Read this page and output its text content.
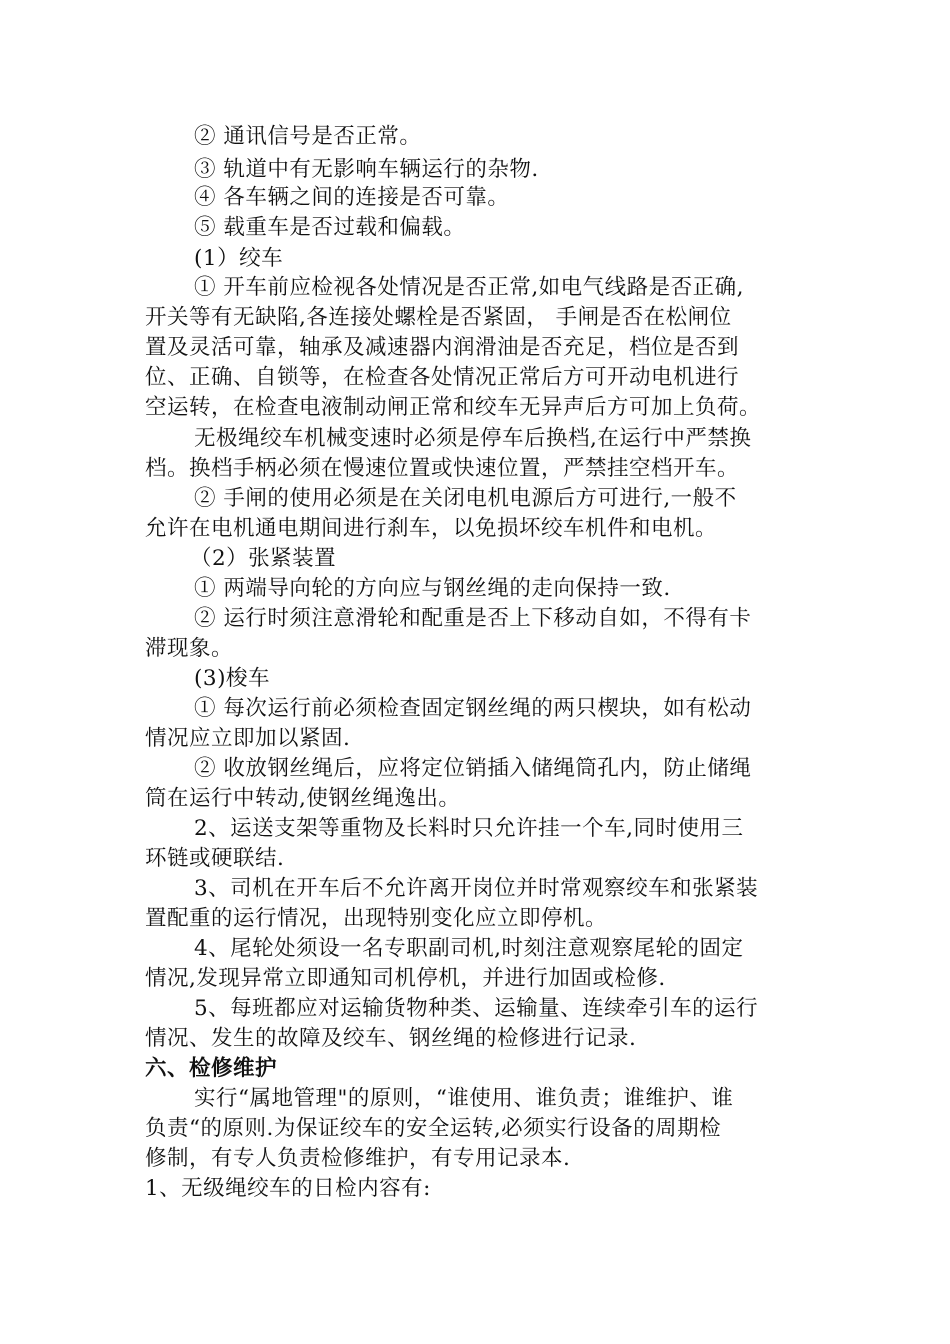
② 通讯信号是否正常。
③ 轨道中有无影响车辆运行的杂物.
④ 各车辆之间的连接是否可靠。
⑤ 载重车是否过载和偏载。
(1）绞车
① 开车前应检视各处情况是否正常,如电气线路是否正确,
开关等有无缺陷,各连接处螺栓是否紧固， 手闸是否在松闸位
置及灵活可靠，轴承及减速器内润滑油是否充足，档位是否到
位、正确、自锁等，在检查各处情况正常后方可开动电机进行
空运转，在检查电液制动闸正常和绞车无异声后方可加上负荷。
无极绳绞车机械变速时必须是停车后换档,在运行中严禁换
档。换档手柄必须在慢速位置或快速位置，严禁挂空档开车。
② 手闸的使用必须是在关闭电机电源后方可进行,一般不
允许在电机通电期间进行刹车，以免损坏绞车机件和电机。
（2）张紧装置
① 两端导向轮的方向应与钢丝绳的走向保持一致.
② 运行时须注意滑轮和配重是否上下移动自如，不得有卡
滞现象。
(3)梭车
① 每次运行前必须检查固定钢丝绳的两只楔块，如有松动
情况应立即加以紧固.
② 收放钢丝绳后，应将定位销插入储绳筒孔内，防止储绳
筒在运行中转动,使钢丝绳逸出。
2、运送支架等重物及长料时只允许挂一个车,同时使用三
环链或硬联结.
3、司机在开车后不允许离开岗位并时常观察绞车和张紧装
置配重的运行情况，出现特别变化应立即停机。
4、尾轮处须设一名专职副司机,时刻注意观察尾轮的固定
情况,发现异常立即通知司机停机，并进行加固或检修.
5、每班都应对运输货物种类、运输量、连续牵引车的运行
情况、发生的故障及绞车、钢丝绳的检修进行记录.
六、检修维护
实行“属地管理"的原则，“谁使用、谁负责；谁维护、谁
负责“的原则.为保证绞车的安全运转,必须实行设备的周期检
修制，有专人负责检修维护，有专用记录本.
1、无级绳绞车的日检内容有:
